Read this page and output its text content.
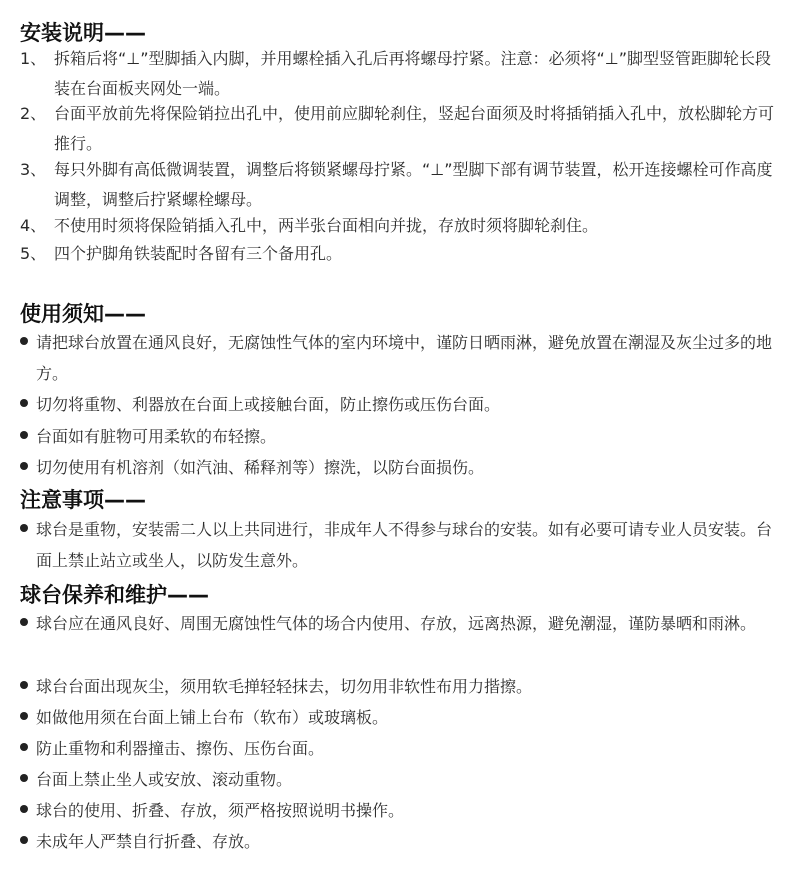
安装说明——
1、 拆箱后将“⊥”型脚插入内脚，并用螺栓插入孔后再将螺母拧紧。注意：必须将“⊥”脚型竖管距脚轮长段装在台面板夹网处一端。
2、 台面平放前先将保险销拉出孔中，使用前应脚轮刹住，竖起台面须及时将插销插入孔中，放松脚轮方可推行。
3、 每只外脚有高低微调装置，调整后将锁紧螺母拧紧。“⊥”型脚下部有调节装置，松开连接螺栓可作高度调整，调整后拧紧螺栓螺母。
4、 不使用时须将保险销插入孔中，两半张台面相向并拢，存放时须将脚轮刹住。
5、 四个护脚角铁装配时各留有三个备用孔。
使用须知——
请把球台放置在通风良好，无腐蚀性气体的室内环境中，谨防日晒雨淋，避免放置在潮湿及灰尘过多的地方。
切勿将重物、利器放在台面上或接触台面，防止擦伤或压伤台面。
台面如有脏物可用柔软的布轻擦。
切勿使用有机溶剂（如汽油、稀释剂等）擦洗，以防台面损伤。
注意事项——
球台是重物，安装需二人以上共同进行，非成年人不得参与球台的安装。如有必要可请专业人员安装。台面上禁止站立或坐人，以防发生意外。
球台保养和维护——
球台应在通风良好、周围无腐蚀性气体的场合内使用、存放，远离热源，避免潮湿，谨防暴晒和雨淋。
球台台面出现灰尘，须用软毛掸轻轻抹去，切勿用非软性布用力揩擦。
如做他用须在台面上铺上台布（软布）或玻璃板。
防止重物和利器撞击、擦伤、压伤台面。
台面上禁止坐人或安放、滚动重物。
球台的使用、折叠、存放，须严格按照说明书操作。
未成年人严禁自行折叠、存放。
